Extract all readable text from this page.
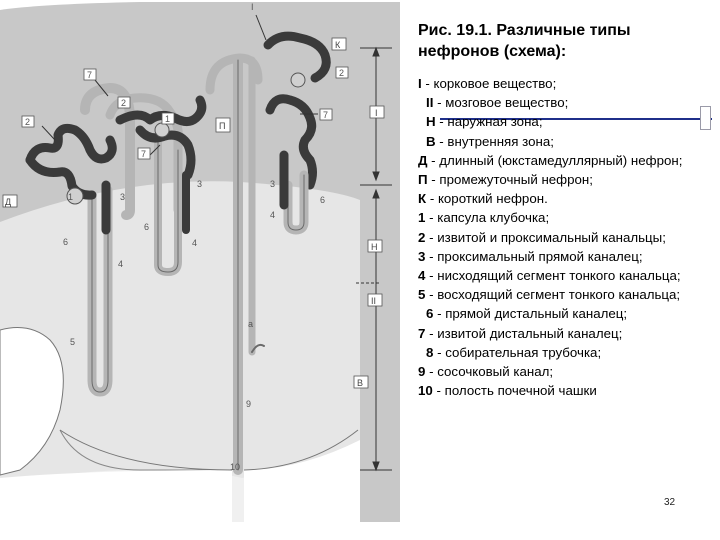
I
К
П
Д
I
Н
II
В
7
2
2	1
1
7
3
6
4
6
3
4
5
7
2
3
6
4
а
9
10
Рис. 19.1. Различные типы нефронов (схема):
I - корковое вещество;
II - мозговое вещество;
Н - наружная зона;
В - внутренняя зона;
Д - длинный (юкстамедуллярный) нефрон;
П - промежуточный нефрон;
К - короткий нефрон.
1 - капсула клубочка;
2 - извитой и проксимальный канальцы;
3 - проксимальный прямой каналец;
4 - нисходящий сегмент тонкого канальца;
5 - восходящий сегмент тонкого канальца;
6 - прямой дистальный каналец;
7 - извитой дистальный каналец;
8 - собирательная трубочка;
9 - сосочковый канал;
10 - полость почечной чашки
32
